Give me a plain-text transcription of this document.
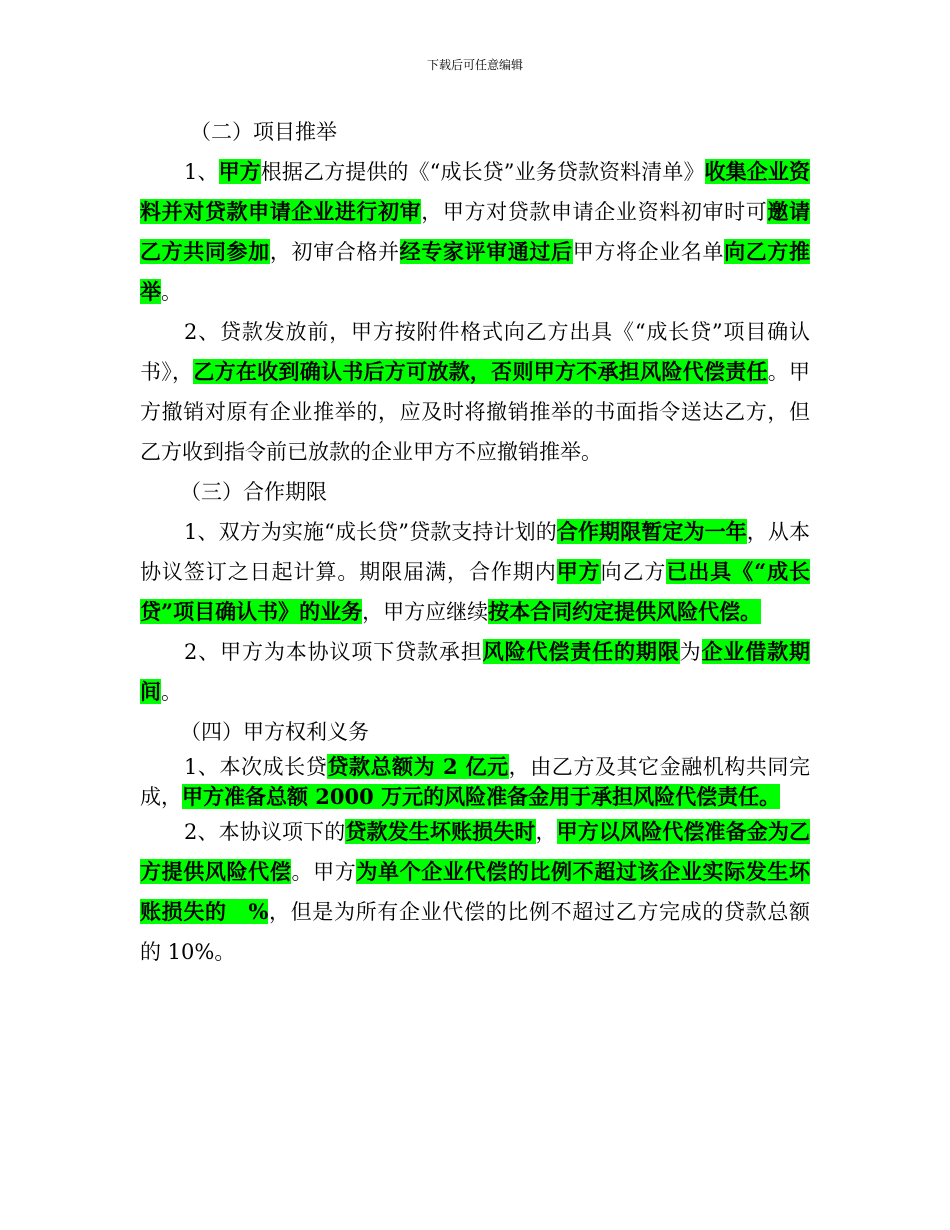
下载后可任意编辑
（二）项目推举

1、甲方根据乙方提供的《“成长贷”业务贷款资料清单》收集企业资料并对贷款申请企业进行初审，甲方对贷款申请企业资料初审时可邀请乙方共同参加，初审合格并经专家评审通过后甲方将企业名单向乙方推举。

2、贷款发放前，甲方按附件格式向乙方出具《“成长贷”项目确认书》，乙方在收到确认书后方可放款，否则甲方不承担风险代偿责任。甲方撤销对原有企业推举的，应及时将撤销推举的书面指令送达乙方，但乙方收到指令前已放款的企业甲方不应撤销推举。

（三）合作期限

1、双方为实施“成长贷”贷款支持计划的合作期限暂定为一年，从本协议签订之日起计算。期限届满，合作期内甲方向乙方已出具《“成长贷”项目确认书》的业务，甲方应继续按本合同约定提供风险代偿。

2、甲方为本协议项下贷款承担风险代偿责任的期限为企业借款期间。

（四）甲方权利义务

1、本次成长贷贷款总额为 2 亿元，由乙方及其它金融机构共同完成，甲方准备总额 2000 万元的风险准备金用于承担风险代偿责任。

2、本协议项下的贷款发生坏账损失时，甲方以风险代偿准备金为乙方提供风险代偿。甲方为单个企业代偿的比例不超过该企业实际发生坏账损失的　%，但是为所有企业代偿的比例不超过乙方完成的贷款总额的 10%。
